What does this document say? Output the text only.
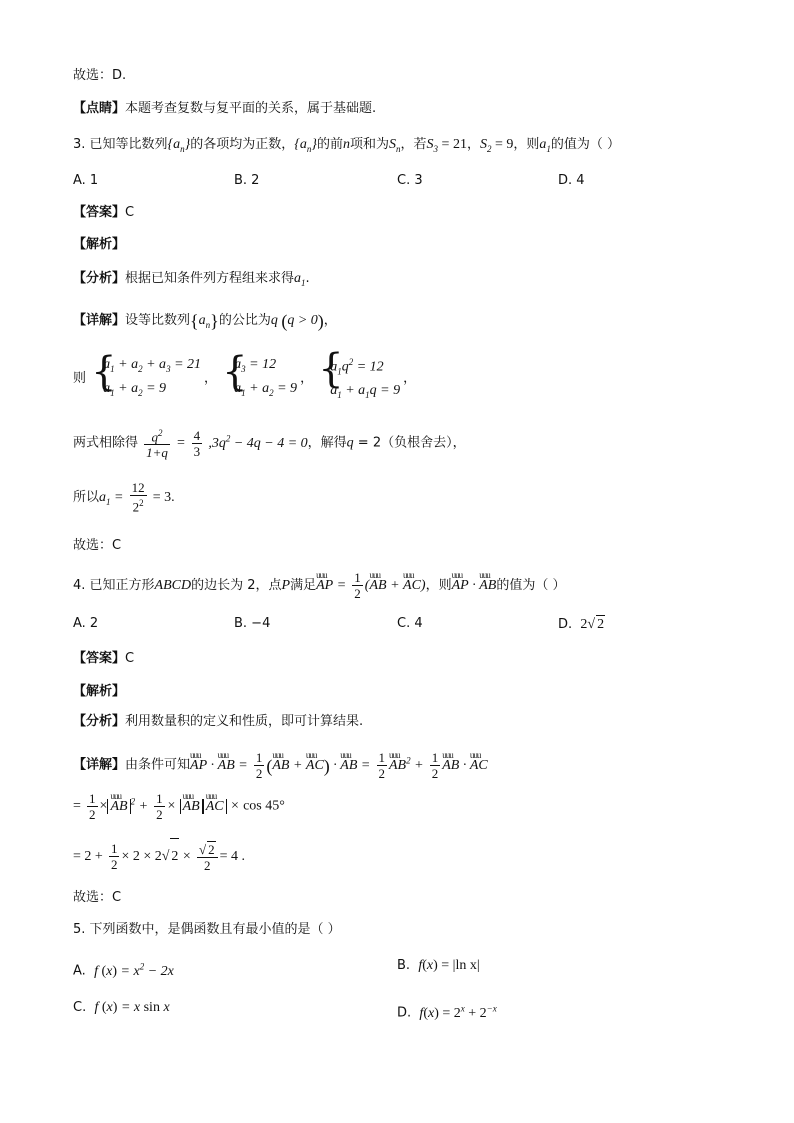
故选：D.
【点睛】本题考查复数与复平面的关系，属于基础题.
3. 已知等比数列$\{a_n\}$的各项均为正数，$\{a_n\}$的前n项和为$S_n$，若$S_3 = 21$，$S_2 = 9$，则$a_1$的值为（ ）
A. 1	B. 2	C. 3	D. 4
【答案】C
【解析】
【分析】根据已知条件列方程组来求得$a_1$.
【详解】设等比数列$\{a_n\}$的公比为q (q > 0)，
则
{ $a_1 + a_2 + a_3 = 21$
$a_1 + a_2 = 9$
，
{ $a_3 = 12$
$a_1 + a_2 = 9$
，
{ $a_1q^2 = 12$
$a_1 + a_1q = 9$
，
两式相除得 $\frac{q^2}{1+q} = \frac{4}{3} ,3q^2 - 4q - 4 = 0$，解得q = 2（负根舍去），
所以$a_1 = \frac{12}{2^2} = 3$.
故选：C
4. 已知正方形ABCD的边长为 2，点P满足uuu AP = $\frac{1}{2} (uuu$ AB + uuu AC)，则uuu AP · uuu AB的值为（ ）
A. 2	B. −4	C. 4	D. 2√ 2
【答案】C
【解析】
【分析】利用数量积的定义和性质，即可计算结果.
【详解】由条件可知uuu AP · uuu AB = $\frac{1}{2} (uuu$ AB + uuu AC) · uuu AB = $\frac{1}{2}$
uuu $AB^2 + \frac{1}{2}$
uuu AB · uuu AC
= $\frac{1}{2} \times uuu$ AB $^2 + \frac{1}{2}$ × uuu ABuuu AC × cos 45°
= $2 + \frac{1}{2} \times 2 \times 2√$ $2 \times \frac{√ 2}{2} = 4$ .
故选：C
5. 下列函数中，是偶函数且有最小值的是（ ）
A. f $(x) = x^2 - 2x$	B. f(x) = |ln x|
C. f (x) = x sin x	D. $f(x) = 2^x + 2^{-x}$
